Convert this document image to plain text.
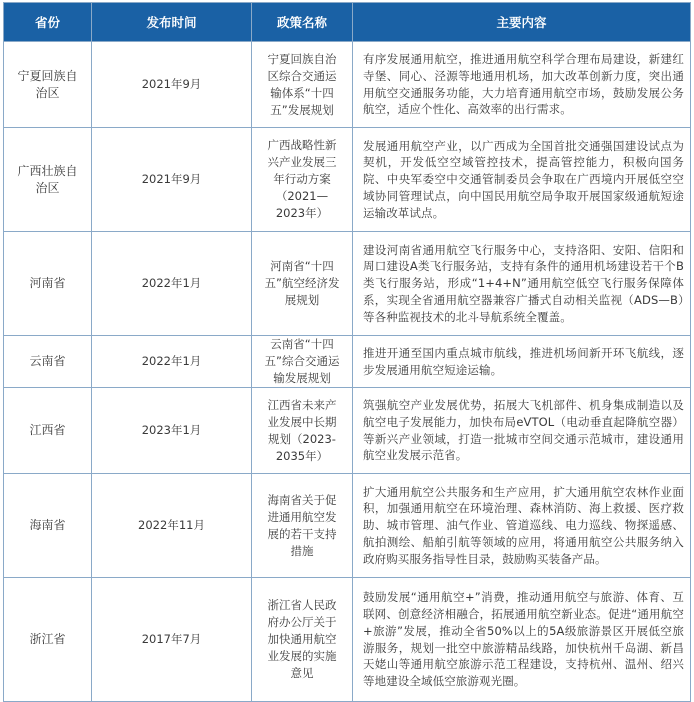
省份	发布时间	政策名称	主要内容
宁夏回族自治区	2021年9月	宁夏回族自治区综合交通运输体系“十四五”发展规划	有序发展通用航空，推进通用航空科学合理布局建设，新建红寺堡、同心、泾源等地通用机场，加大改革创新力度，突出通用航空交通服务功能，大力培育通用航空市场，鼓励发展公务航空，适应个性化、高效率的出行需求。
广西壮族自治区	2021年9月	广西战略性新兴产业发展三年行动方案（2021—2023年）	发展通用航空产业，以广西成为全国首批交通强国建设试点为契机，开发低空空域管控技术，提高管控能力，积极向国务院、中央军委空中交通管制委员会争取在广西境内开展低空空域协同管理试点，向中国民用航空局争取开展国家级通航短途运输改革试点。
河南省	2022年1月	河南省“十四五”航空经济发展规划	建设河南省通用航空飞行服务中心，支持洛阳、安阳、信阳和周口建设A类飞行服务站，支持有条件的通用机场建设若干个B类飞行服务站，形成“1+4+N”通用航空低空飞行服务保障体系，实现全省通用航空器兼容广播式自动相关监视（ADS—B）等各种监视技术的北斗导航系统全覆盖。
云南省	2022年1月	云南省“十四五”综合交通运输发展规划	推进开通至国内重点城市航线，推进机场间新开环飞航线，逐步发展通用航空短途运输。
江西省	2023年1月	江西省未来产业发展中长期规划（2023-2035年）	筑强航空产业发展优势，拓展大飞机部件、机身集成制造以及航空电子发展能力，加快布局eVTOL（电动垂直起降航空器）等新兴产业领域，打造一批城市空间交通示范城市，建设通用航空业发展示范省。
海南省	2022年11月	海南省关于促进通用航空发展的若干支持措施	扩大通用航空公共服务和生产应用，扩大通用航空农林作业面积，加强通用航空在环境治理、森林消防、海上救援、医疗救助、城市管理、油气作业、管道巡线、电力巡线、物探遥感、航拍测绘、船舶引航等领域的应用，将通用航空公共服务纳入政府购买服务指导性目录，鼓励购买装备产品。
浙江省	2017年7月	浙江省人民政府办公厅关于加快通用航空业发展的实施意见	鼓励发展“通用航空+”消费，推动通用航空与旅游、体育、互联网、创意经济相融合，拓展通用航空新业态。促进“通用航空+旅游”发展，推动全省50%以上的5A级旅游景区开展低空旅游服务，规划一批空中旅游精品线路，加快杭州千岛湖、新昌天姥山等通用航空旅游示范工程建设，支持杭州、温州、绍兴等地建设全域低空旅游观光圈。
